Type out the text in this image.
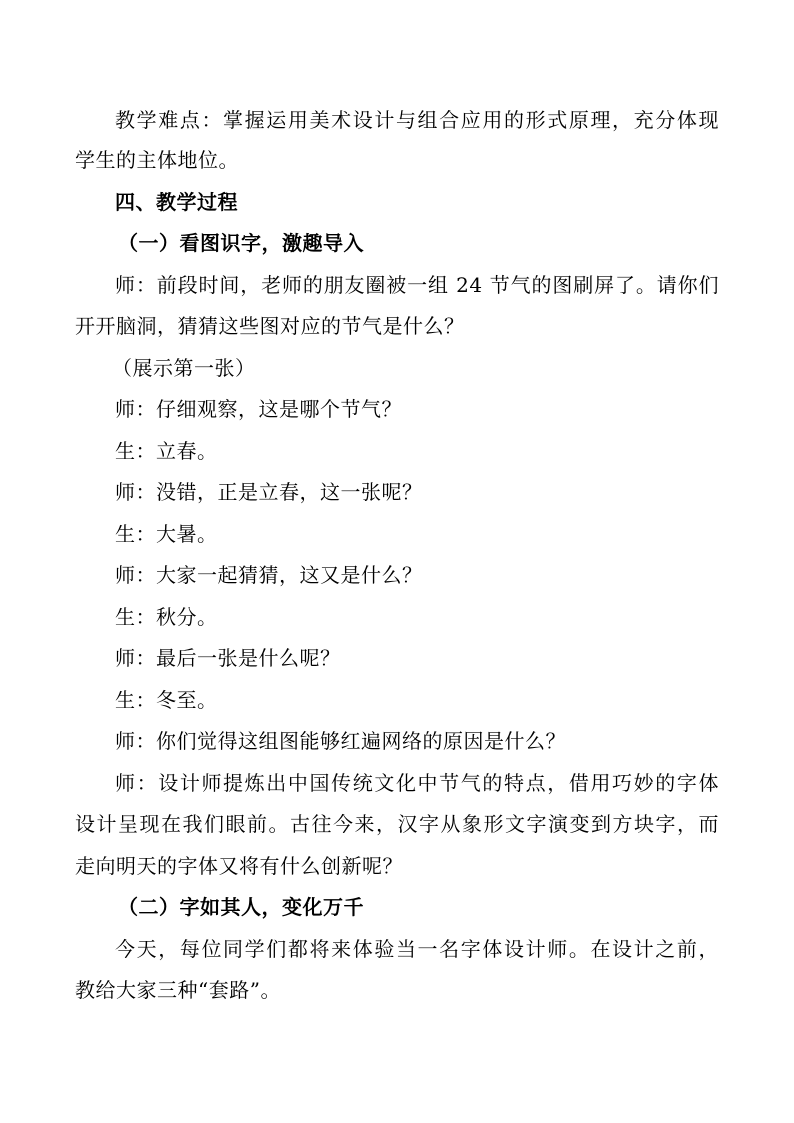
教学难点：掌握运用美术设计与组合应用的形式原理，充分体现
学生的主体地位。
四、教学过程
（一）看图识字，激趣导入
师：前段时间，老师的朋友圈被一组 24 节气的图刷屏了。请你们
开开脑洞，猜猜这些图对应的节气是什么？
（展示第一张）
师：仔细观察，这是哪个节气？
生：立春。
师：没错，正是立春，这一张呢？
生：大暑。
师：大家一起猜猜，这又是什么？
生：秋分。
师：最后一张是什么呢？
生：冬至。
师：你们觉得这组图能够红遍网络的原因是什么？
师：设计师提炼出中国传统文化中节气的特点，借用巧妙的字体
设计呈现在我们眼前。古往今来，汉字从象形文字演变到方块字，而
走向明天的字体又将有什么创新呢？
（二）字如其人，变化万千
今天，每位同学们都将来体验当一名字体设计师。在设计之前，
教给大家三种“套路”。
